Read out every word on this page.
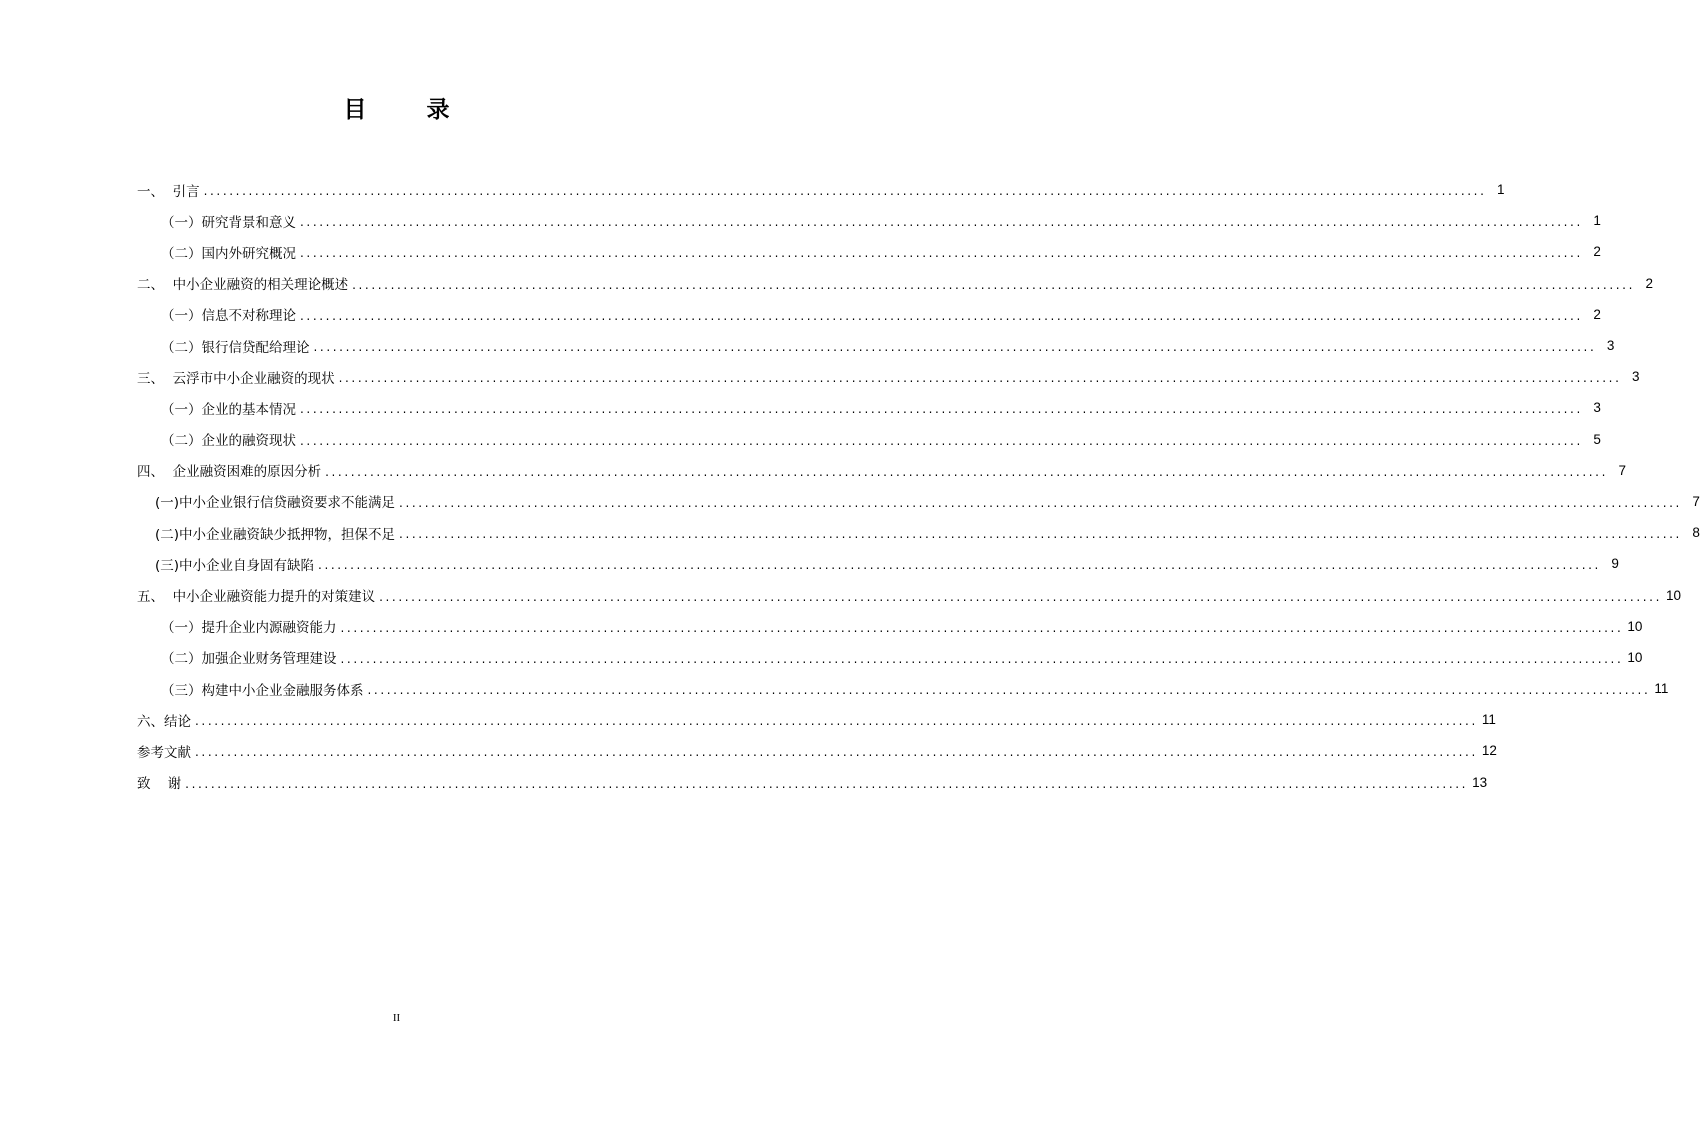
目 录
一、  引言 ........................................................................................................................................................................................................ 1
（一）研究背景和意义 ........................................................................................................................................................................................................ 1
（二）国内外研究概况 ........................................................................................................................................................................................................ 2
二、  中小企业融资的相关理论概述 ........................................................................................................................................................................................................ 2
（一）信息不对称理论 ........................................................................................................................................................................................................ 2
（二）银行信贷配给理论 ........................................................................................................................................................................................................ 3
三、  云浮市中小企业融资的现状 ........................................................................................................................................................................................................ 3
（一）企业的基本情况 ........................................................................................................................................................................................................ 3
（二）企业的融资现状 ........................................................................................................................................................................................................ 5
四、  企业融资困难的原因分析 ........................................................................................................................................................................................................ 7
(一)中小企业银行信贷融资要求不能满足 ........................................................................................................................................................................................................ 7
(二)中小企业融资缺少抵押物，担保不足 ........................................................................................................................................................................................................ 8
(三)中小企业自身固有缺陷 ........................................................................................................................................................................................................ 9
五、  中小企业融资能力提升的对策建议 ........................................................................................................................................................................................................ 10
（一）提升企业内源融资能力 ........................................................................................................................................................................................................ 10
（二）加强企业财务管理建设 ........................................................................................................................................................................................................ 10
（三）构建中小企业金融服务体系 ........................................................................................................................................................................................................ 11
六、结论 ........................................................................................................................................................................................................ 11
参考文献 ........................................................................................................................................................................................................ 12
致    谢 ........................................................................................................................................................................................................ 13
II
